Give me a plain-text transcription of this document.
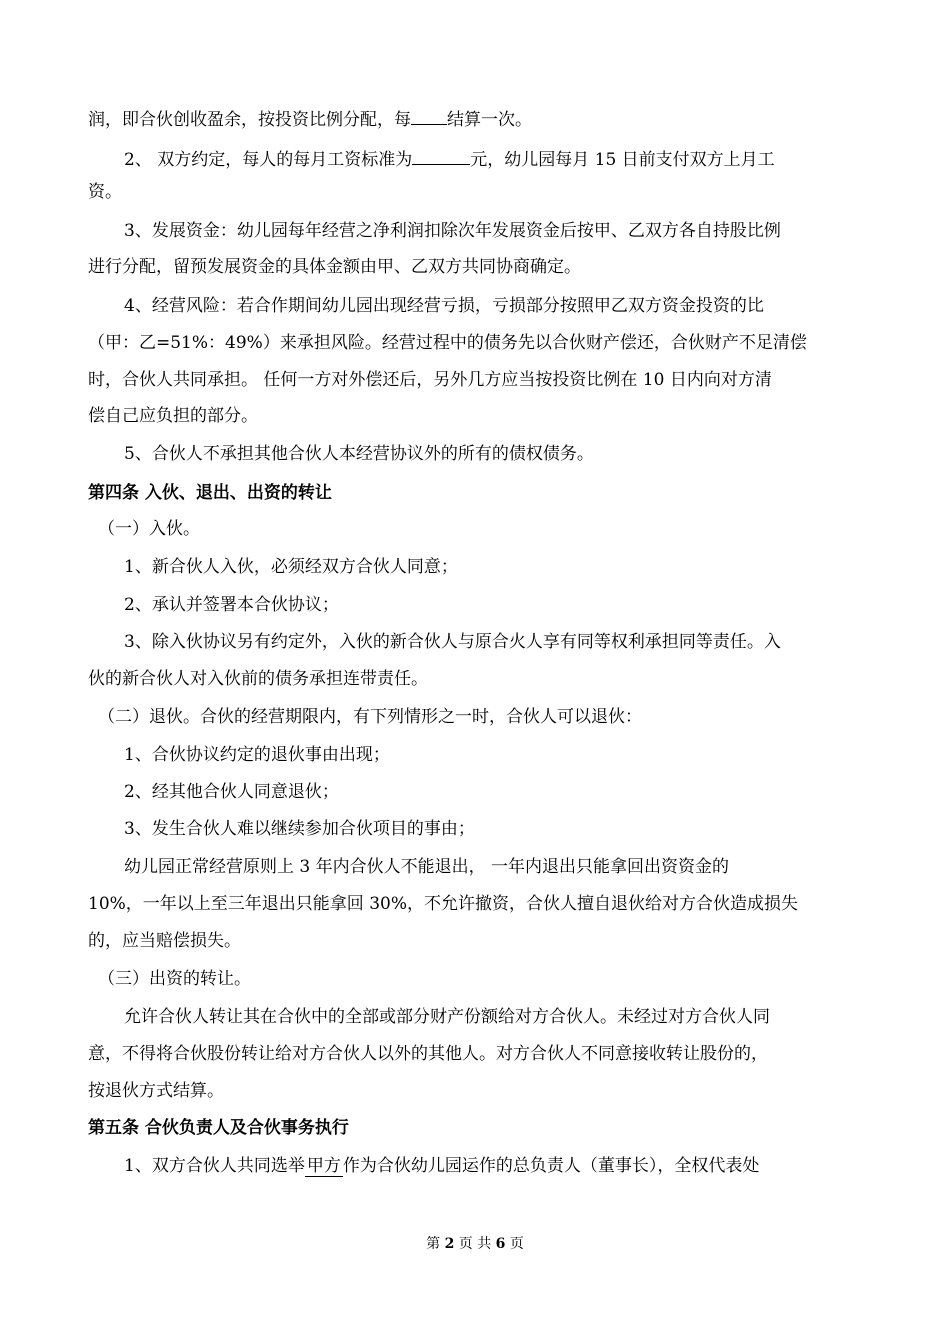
润，即合伙创收盈余，按投资比例分配，每 结算一次。
2、 双方约定，每人的每月工资标准为	元，幼儿园每月 15 日前支付双方上月工
资。
3、发展资金：幼儿园每年经营之净利润扣除次年发展资金后按甲、乙双方各自持股比例
进行分配，留预发展资金的具体金额由甲、乙双方共同协商确定。
4、经营风险：若合作期间幼儿园出现经营亏损，亏损部分按照甲乙双方资金投资的比
（甲：乙=51%：49%）来承担风险。经营过程中的债务先以合伙财产偿还，合伙财产不足清偿
时，合伙人共同承担。 任何一方对外偿还后，另外几方应当按投资比例在 10 日内向对方清
偿自己应负担的部分。
5、合伙人不承担其他合伙人本经营协议外的所有的债权债务。
第四条 入伙、退出、出资的转让
（一）入伙。
1、新合伙人入伙，必须经双方合伙人同意；
2、承认并签署本合伙协议；
3、除入伙协议另有约定外，入伙的新合伙人与原合火人享有同等权利承担同等责任。入
伙的新合伙人对入伙前的债务承担连带责任。
（二）退伙。合伙的经营期限内，有下列情形之一时，合伙人可以退伙：
1、合伙协议约定的退伙事由出现；
2、经其他合伙人同意退伙；
3、发生合伙人难以继续参加合伙项目的事由；
幼儿园正常经营原则上 3 年内合伙人不能退出， 一年内退出只能拿回出资资金的
10%，一年以上至三年退出只能拿回 30%，不允许撤资，合伙人擅自退伙给对方合伙造成损失
的，应当赔偿损失。
（三）出资的转让。
允许合伙人转让其在合伙中的全部或部分财产份额给对方合伙人。未经过对方合伙人同
意，不得将合伙股份转让给对方合伙人以外的其他人。对方合伙人不同意接收转让股份的，
按退伙方式结算。
第五条 合伙负责人及合伙事务执行
1、双方合伙人共同选举 甲方 作为合伙幼儿园运作的总负责人（董事长），全权代表处
第 2 页 共 6 页
